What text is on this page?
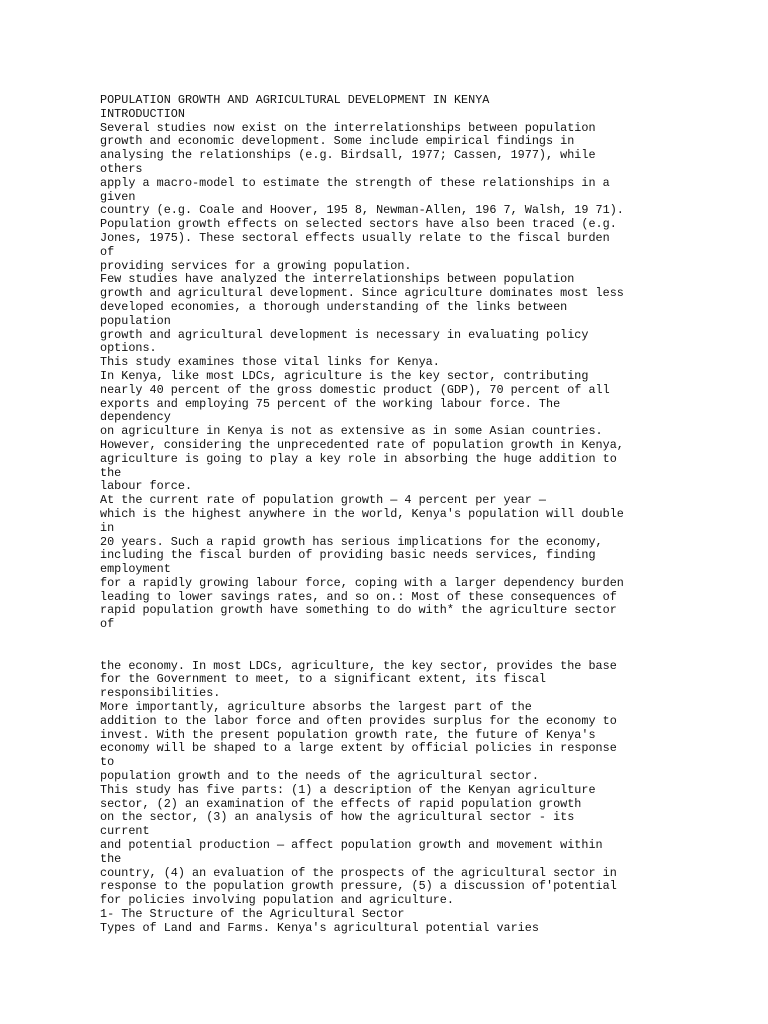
POPULATION GROWTH AND AGRICULTURAL DEVELOPMENT IN KENYA
INTRODUCTION
Several studies now exist on the interrelationships between population
growth and economic development. Some include empirical findings in
analysing the relationships (e.g. Birdsall, 1977; Cassen, 1977), while
others
apply a macro-model to estimate the strength of these relationships in a
given
country (e.g. Coale and Hoover, 195 8, Newman-Allen, 196 7, Walsh, 19 71).
Population growth effects on selected sectors have also been traced (e.g.
Jones, 1975). These sectoral effects usually relate to the fiscal burden
of
providing services for a growing population.
Few studies have analyzed the interrelationships between population
growth and agricultural development. Since agriculture dominates most less
developed economies, a thorough understanding of the links between
population
growth and agricultural development is necessary in evaluating policy
options.
This study examines those vital links for Kenya.
In Kenya, like most LDCs, agriculture is the key sector, contributing
nearly 40 percent of the gross domestic product (GDP), 70 percent of all
exports and employing 75 percent of the working labour force. The
dependency
on agriculture in Kenya is not as extensive as in some Asian countries.
However, considering the unprecedented rate of population growth in Kenya,
agriculture is going to play a key role in absorbing the huge addition to
the
labour force.
At the current rate of population growth — 4 percent per year —
which is the highest anywhere in the world, Kenya's population will double
in
20 years. Such a rapid growth has serious implications for the economy,
including the fiscal burden of providing basic needs services, finding
employment
for a rapidly growing labour force, coping with a larger dependency burden
leading to lower savings rates, and so on.: Most of these consequences of
rapid population growth have something to do with* the agriculture sector
of
the economy. In most LDCs, agriculture, the key sector, provides the base
for the Government to meet, to a significant extent, its fiscal
responsibilities.
More importantly, agriculture absorbs the largest part of the
addition to the labor force and often provides surplus for the economy to
invest. With the present population growth rate, the future of Kenya's
economy will be shaped to a large extent by official policies in response
to
population growth and to the needs of the agricultural sector.
This study has five parts: (1) a description of the Kenyan agriculture
sector, (2) an examination of the effects of rapid population growth
on the sector, (3) an analysis of how the agricultural sector - its
current
and potential production — affect population growth and movement within
the
country, (4) an evaluation of the prospects of the agricultural sector in
response to the population growth pressure, (5) a discussion of'potential
for policies involving population and agriculture.
1- The Structure of the Agricultural Sector
Types of Land and Farms. Kenya's agricultural potential varies
